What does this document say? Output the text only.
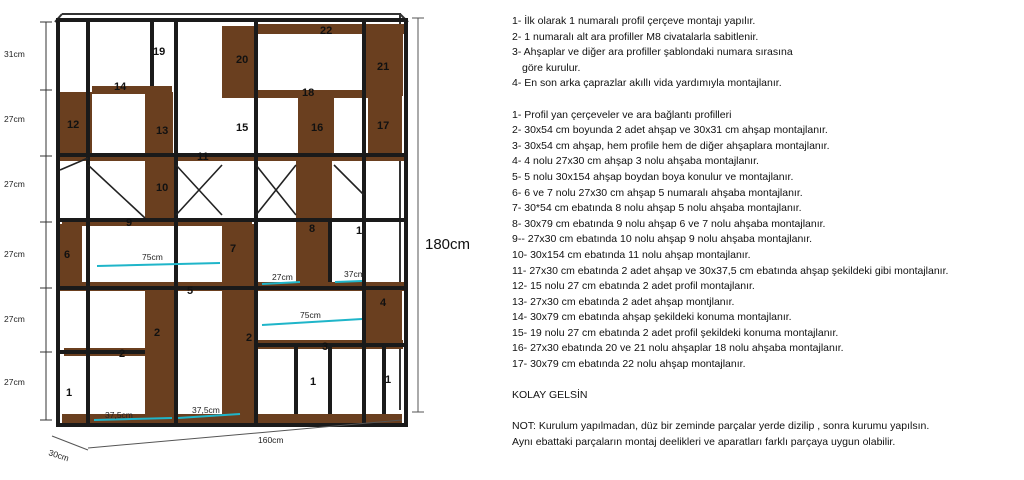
22
19
20
21
14	18
12	13	15	16	17
11
10
8	1
9
6	7
5
4
2
2
2
3
1
1	1
31cm
27cm
27cm
27cm
27cm
27cm
180cm
160cm
30cm
75cm
75cm
27cm	37cm
37,5cm	37,5cm
1- İlk olarak 1 numaralı profil çerçeve montajı yapılır.
2- 1 numaralı alt ara profiller M8 civatalarla sabitlenir.
3- Ahşaplar ve diğer ara profiller şablondaki numara sırasına
göre kurulur.
4- En son arka çaprazlar akıllı vida yardımıyla montajlanır.
1- Profil yan çerçeveler ve ara bağlantı profilleri
2- 30x54 cm boyunda 2 adet ahşap ve 30x31 cm ahşap montajlanır.
3- 30x54 cm ahşap, hem profile hem de diğer ahşaplara montajlanır.
4- 4 nolu 27x30 cm ahşap 3 nolu ahşaba montajlanır.
5- 5 nolu 30x154 ahşap boydan boya konulur ve montajlanır.
6- 6 ve 7 nolu 27x30 cm ahşap 5 numaralı ahşaba montajlanır.
7- 30*54 cm ebatında 8 nolu ahşap 5 nolu ahşaba montajlanır.
8- 30x79 cm ebatında 9 nolu ahşap 6 ve 7 nolu ahşaba montajlanır.
9-- 27x30 cm ebatında 10 nolu ahşap 9 nolu ahşaba montajlanır.
10- 30x154 cm ebatında 11 nolu ahşap montajlanır.
11- 27x30 cm ebatında 2 adet ahşap ve 30x37,5 cm ebatında ahşap şekildeki gibi montajlanır.
12- 15 nolu 27 cm ebatında 2 adet profil montajlanır.
13- 27x30 cm ebatında 2 adet ahşap montjlanır.
14- 30x79 cm ebatında ahşap şekildeki konuma montajlanır.
15- 19 nolu 27 cm ebatında 2 adet profil şekildeki konuma montajlanır.
16- 27x30 ebatında 20 ve 21 nolu ahşaplar 18 nolu ahşaba montajlanır.
17- 30x79 cm ebatında 22 nolu ahşap montajlanır.
KOLAY GELSİN
NOT: Kurulum yapılmadan, düz bir zeminde parçalar yerde dizilip , sonra kurumu yapılsın.
Aynı ebattaki parçaların montaj deelikleri ve aparatları farklı parçaya uygun olabilir.
